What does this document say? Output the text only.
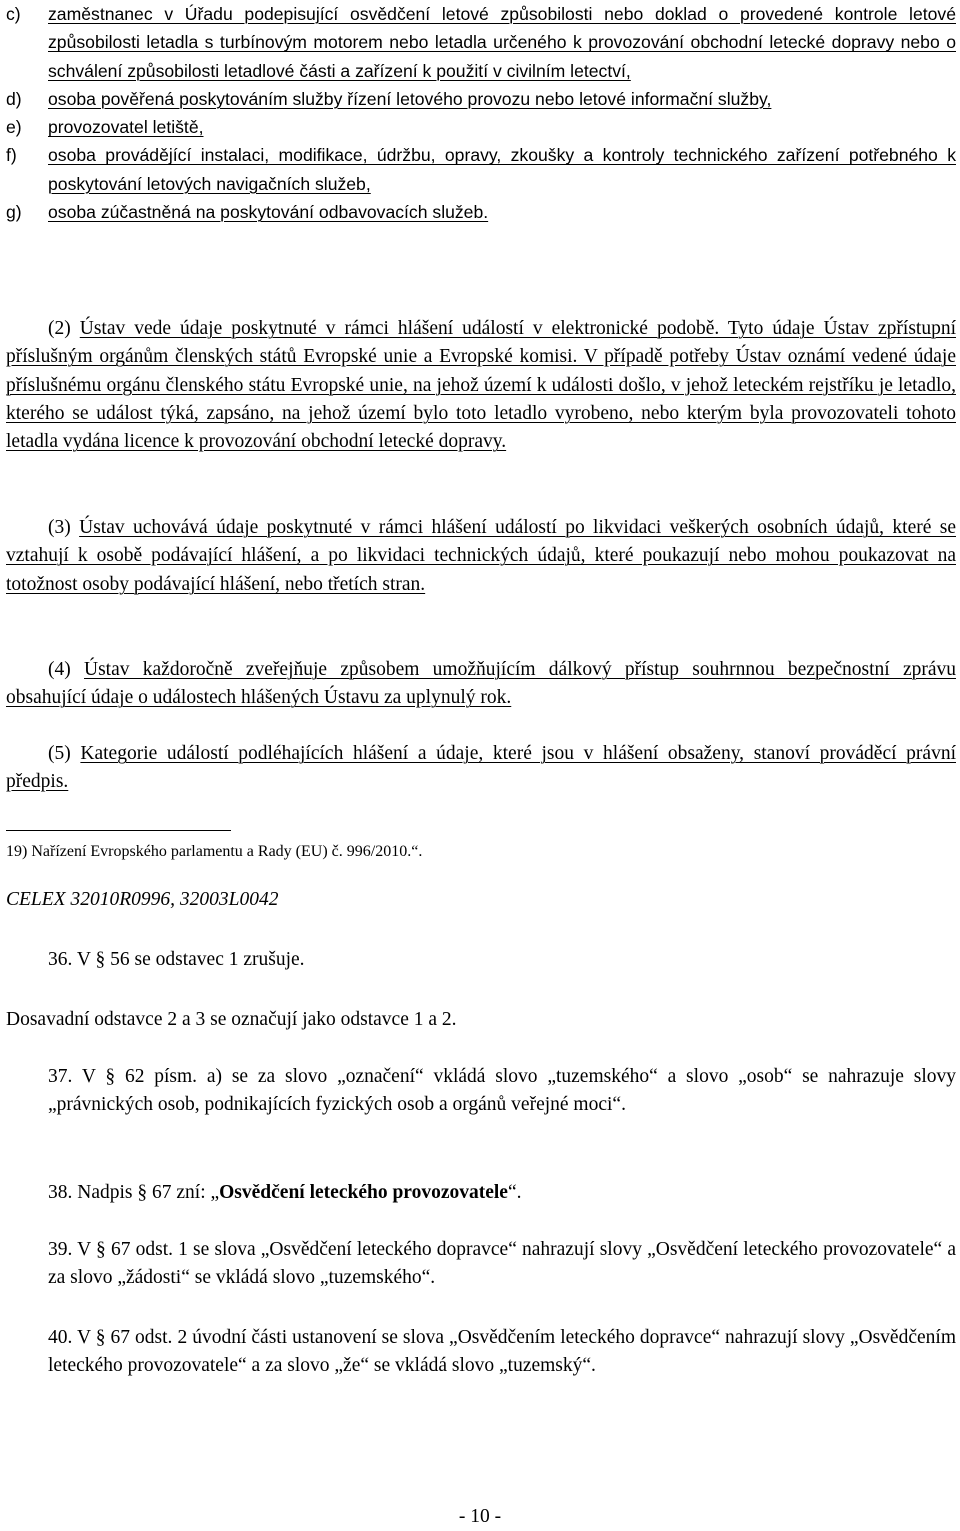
c)	zaměstnanec v Úřadu podepisující osvědčení letové způsobilosti nebo doklad o provedené kontrole letové způsobilosti letadla s turbínovým motorem nebo letadla určeného k provozování obchodní letecké dopravy nebo o schválení způsobilosti letadlové části a zařízení k použití v civilním letectví,
d)	osoba pověřená poskytováním služby řízení letového provozu nebo letové informační služby,
e)	provozovatel letiště,
f)	osoba provádějící instalaci, modifikace, údržbu, opravy, zkoušky a kontroly technického zařízení potřebného k poskytování letových navigačních služeb,
g)	osoba zúčastněná na poskytování odbavovacích služeb.
(2) Ústav vede údaje poskytnuté v rámci hlášení událostí v elektronické podobě. Tyto údaje Ústav zpřístupní příslušným orgánům členských států Evropské unie a Evropské komisi. V případě potřeby Ústav oznámí vedené údaje příslušnému orgánu členského státu Evropské unie, na jehož území k události došlo, v jehož leteckém rejstříku je letadlo, kterého se událost týká, zapsáno, na jehož území bylo toto letadlo vyrobeno, nebo kterým byla provozovateli tohoto letadla vydána licence k provozování obchodní letecké dopravy.
(3) Ústav uchovává údaje poskytnuté v rámci hlášení událostí po likvidaci veškerých osobních údajů, které se vztahují k osobě podávající hlášení, a po likvidaci technických údajů, které poukazují nebo mohou poukazovat na totožnost osoby podávající hlášení, nebo třetích stran.
(4) Ústav každoročně zveřejňuje způsobem umožňujícím dálkový přístup souhrnnou bezpečnostní zprávu obsahující údaje o událostech hlášených Ústavu za uplynulý rok.
(5) Kategorie událostí podléhajících hlášení a údaje, které jsou v hlášení obsaženy, stanoví prováděcí právní předpis.
19) Nařízení Evropského parlamentu a Rady (EU) č. 996/2010.“.
CELEX 32010R0996, 32003L0042
36. V § 56 se odstavec 1 zrušuje.
Dosavadní odstavce 2 a 3 se označují jako odstavce 1 a 2.
37. V § 62 písm. a) se za slovo „označení“ vkládá slovo „tuzemského“ a slovo „osob“ se nahrazuje slovy „právnických osob, podnikajících fyzických osob a orgánů veřejné moci“.
38. Nadpis § 67 zní: „Osvědčení leteckého provozovatele“.
39. V § 67 odst. 1 se slova „Osvědčení leteckého dopravce“ nahrazují slovy „Osvědčení leteckého provozovatele“ a za slovo „žádosti“ se vkládá slovo „tuzemského“.
40. V § 67 odst. 2 úvodní části ustanovení se slova „Osvědčením leteckého dopravce“ nahrazují slovy „Osvědčením leteckého provozovatele“ a za slovo „že“ se vkládá slovo „tuzemský“.
- 10 -
